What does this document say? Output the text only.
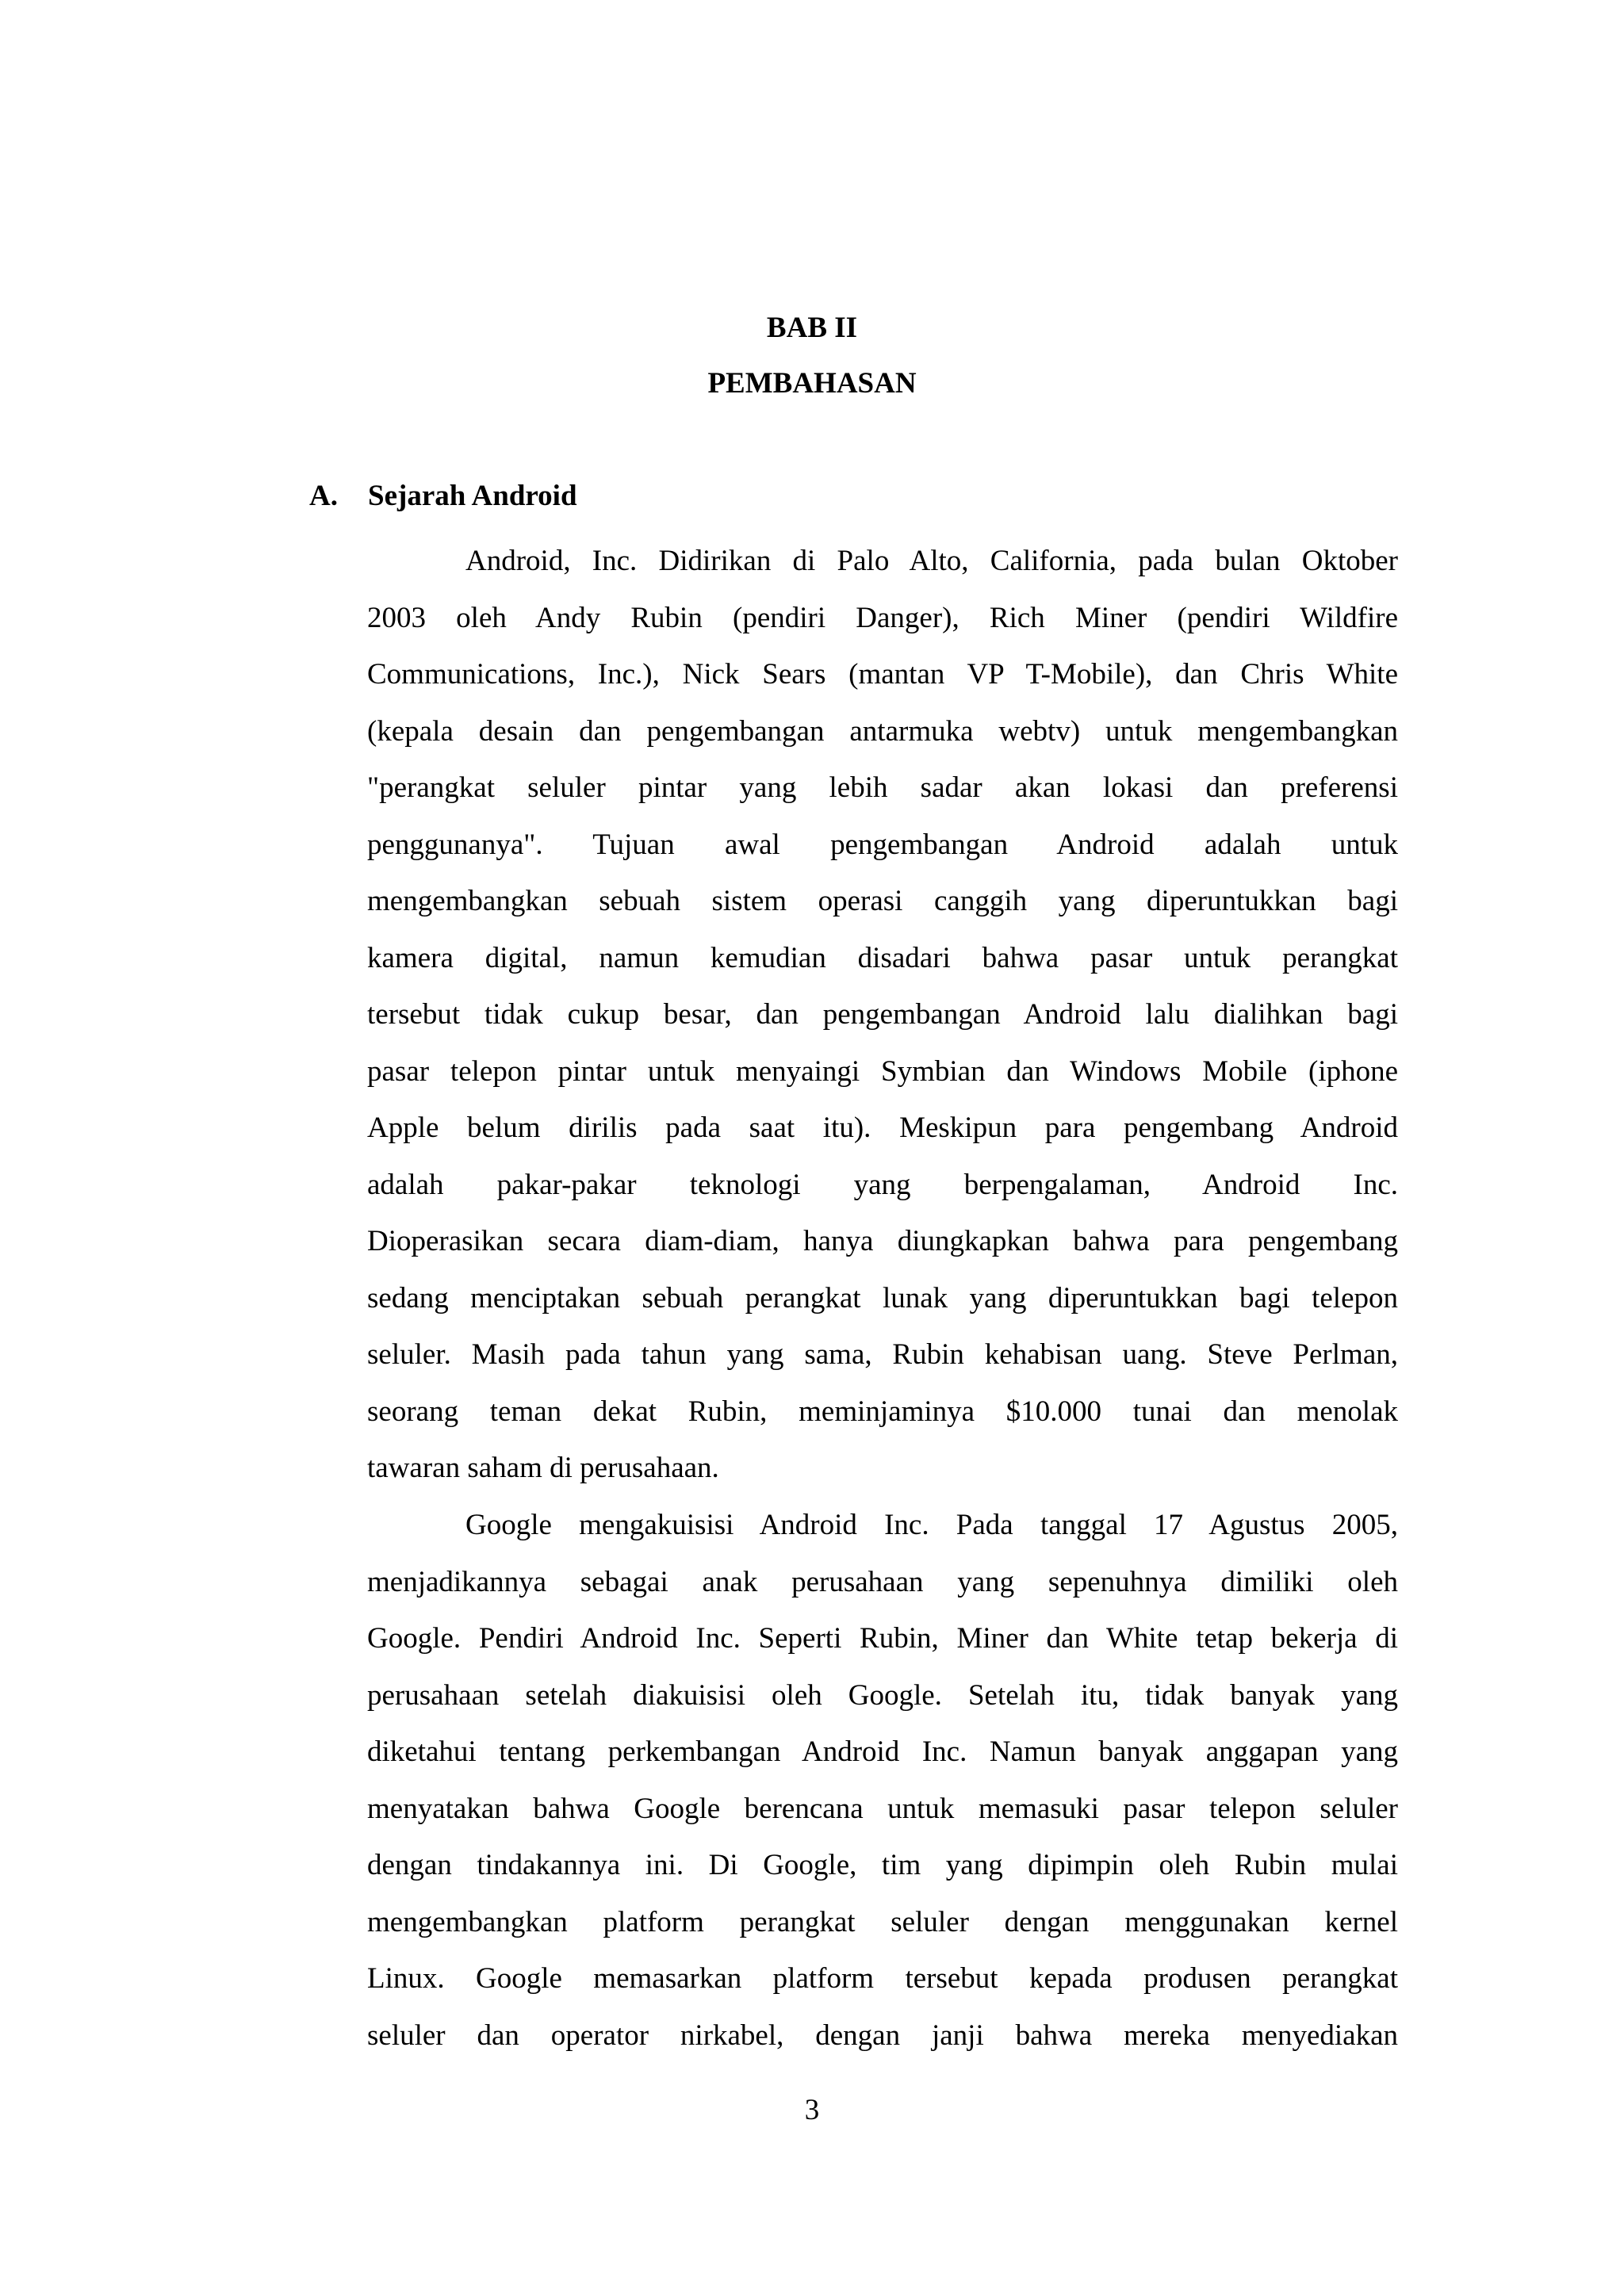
BAB II
PEMBAHASAN
A.	Sejarah Android
Android, Inc. Didirikan di Palo Alto, California, pada bulan Oktober
2003 oleh Andy Rubin (pendiri Danger), Rich Miner (pendiri Wildfire
Communications, Inc.), Nick Sears (mantan VP T-Mobile), dan Chris White
(kepala desain dan pengembangan antarmuka webtv) untuk mengembangkan
"perangkat seluler pintar yang lebih sadar akan lokasi dan preferensi
penggunanya". Tujuan awal pengembangan Android adalah untuk
mengembangkan sebuah sistem operasi canggih yang diperuntukkan bagi
kamera digital, namun kemudian disadari bahwa pasar untuk perangkat
tersebut tidak cukup besar, dan pengembangan Android lalu dialihkan bagi
pasar telepon pintar untuk menyaingi Symbian dan Windows Mobile (iphone
Apple belum dirilis pada saat itu). Meskipun para pengembang Android
adalah pakar-pakar teknologi yang berpengalaman, Android Inc.
Dioperasikan secara diam-diam, hanya diungkapkan bahwa para pengembang
sedang menciptakan sebuah perangkat lunak yang diperuntukkan bagi telepon
seluler. Masih pada tahun yang sama, Rubin kehabisan uang. Steve Perlman,
seorang teman dekat Rubin, meminjaminya $10.000 tunai dan menolak
tawaran saham di perusahaan.
Google mengakuisisi Android Inc. Pada tanggal 17 Agustus 2005,
menjadikannya sebagai anak perusahaan yang sepenuhnya dimiliki oleh
Google. Pendiri Android Inc. Seperti Rubin, Miner dan White tetap bekerja di
perusahaan setelah diakuisisi oleh Google. Setelah itu, tidak banyak yang
diketahui tentang perkembangan Android Inc. Namun banyak anggapan yang
menyatakan bahwa Google berencana untuk memasuki pasar telepon seluler
dengan tindakannya ini. Di Google, tim yang dipimpin oleh Rubin mulai
mengembangkan platform perangkat seluler dengan menggunakan kernel
Linux. Google memasarkan platform tersebut kepada produsen perangkat
seluler dan operator nirkabel, dengan janji bahwa mereka menyediakan
3
